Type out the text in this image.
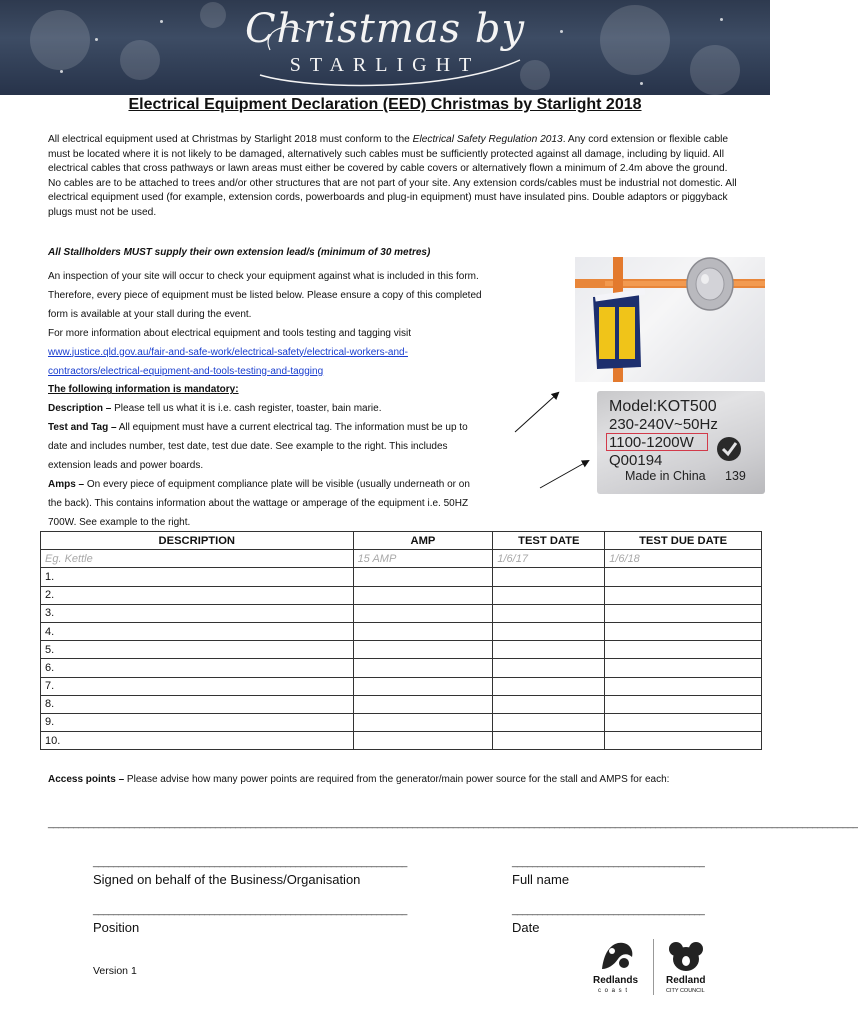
Christmas by
STARLIGHT
Electrical Equipment Declaration (EED) Christmas by Starlight 2018

All electrical equipment used at Christmas by Starlight 2018 must conform to the Electrical Safety Regulation 2013. Any cord extension or flexible cable must be located where it is not likely to be damaged, alternatively such cables must be sufficiently protected against all damage, including by liquid. All electrical cables that cross pathways or lawn areas must either be covered by cable covers or alternatively flown a minimum of 2.4m above the ground. No cables are to be attached to trees and/or other structures that are not part of your site. Any extension cords/cables must be industrial not domestic. All electrical equipment used (for example, extension cords, powerboards and plug-in equipment) must have insulated pins. Double adaptors or piggyback plugs must not be used.

All Stallholders MUST supply their own extension lead/s (minimum of 30 metres)

An inspection of your site will occur to check your equipment against what is included in this form.

Therefore, every piece of equipment must be listed below. Please ensure a copy of this completed

form is available at your stall during the event.

For more information about electrical equipment and tools testing and tagging visit

www.justice.qld.gov.au/fair-and-safe-work/electrical-safety/electrical-workers-and-

contractors/electrical-equipment-and-tools-testing-and-tagging

The following information is mandatory:

Description – Please tell us what it is i.e. cash register, toaster, bain marie.

Test and Tag – All equipment must have a current electrical tag. The information must be up to

date and includes number, test date, test due date. See example to the right. This includes

extension leads and power boards.

Amps – On every piece of equipment compliance plate will be visible (usually underneath or on

the back). This contains information about the wattage or amperage of the equipment i.e. 50HZ

700W. See example to the right.

Model:KOT500
230-240V~50Hz
1100-1200W
Q00194
Made in China 139
DESCRIPTION	AMP	TEST DATE	TEST DUE DATE
Eg. Kettle	15 AMP	1/6/17	1/6/18
1.			
2.			
3.			
4.			
5.			
6.			
7.			
8.			
9.			
10.			

Access points – Please advise how many power points are required from the generator/main power source for the stall and AMPS for each:

________________________________________________________________________________________________________________________________________________________________
______________________________________________________________	______________________________________
Signed on behalf of the Business/Organisation	Full name
______________________________________________________________	______________________________________
Position	Date
Version 1
Redlands
c o a s t
Redland
CITY COUNCIL
